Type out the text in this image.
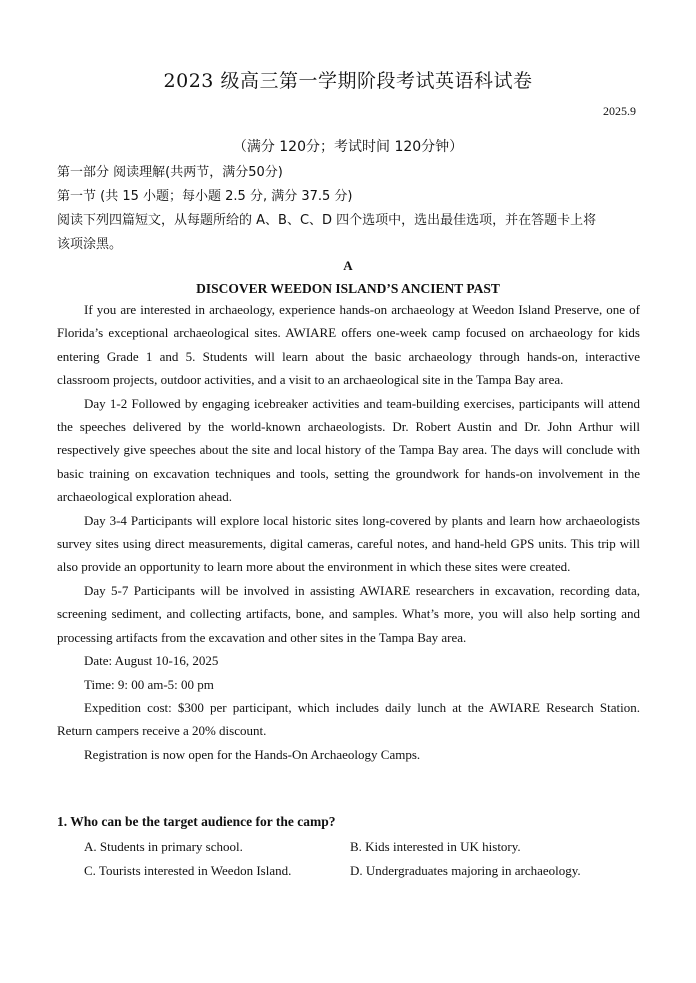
2023 级高三第一学期阶段考试英语科试卷
2025.9
（满分 120分；考试时间 120分钟）
第一部分 阅读理解(共两节，满分50分)
第一节 (共 15 小题；每小题 2.5 分, 满分 37.5 分)
阅读下列四篇短文，从每题所给的 A、B、C、D 四个选项中，选出最佳选项，并在答题卡上将
该项涂黑。
A
DISCOVER WEEDON ISLAND’S ANCIENT PAST

If you are interested in archaeology, experience hands-on archaeology at Weedon Island Preserve, one of Florida’s exceptional archaeological sites. AWIARE offers one-week camp focused on archaeology for kids entering Grade 1 and 5. Students will learn about the basic archaeology through hands-on, interactive classroom projects, outdoor activities, and a visit to an archaeological site in the Tampa Bay area.

Day 1-2 Followed by engaging icebreaker activities and team-building exercises, participants will attend the speeches delivered by the world-known archaeologists. Dr. Robert Austin and Dr. John Arthur will respectively give speeches about the site and local history of the Tampa Bay area. The days will conclude with basic training on excavation techniques and tools, setting the groundwork for hands-on involvement in the archaeological exploration ahead.

Day 3-4 Participants will explore local historic sites long-covered by plants and learn how archaeologists survey sites using direct measurements, digital cameras, careful notes, and hand-held GPS units. This trip will also provide an opportunity to learn more about the environment in which these sites were created.

Day 5-7 Participants will be involved in assisting AWIARE researchers in excavation, recording data, screening sediment, and collecting artifacts, bone, and samples. What’s more, you will also help sorting and processing artifacts from the excavation and other sites in the Tampa Bay area.

Date: August 10-16, 2025

Time: 9: 00 am-5: 00 pm

Expedition cost: $300 per participant, which includes daily lunch at the AWIARE Research Station. Return campers receive a 20% discount.

Registration is now open for the Hands-On Archaeology Camps.

1. Who can be the target audience for the camp?
A. Students in primary school.	B. Kids interested in UK history.
C. Tourists interested in Weedon Island.	D. Undergraduates majoring in archaeology.
